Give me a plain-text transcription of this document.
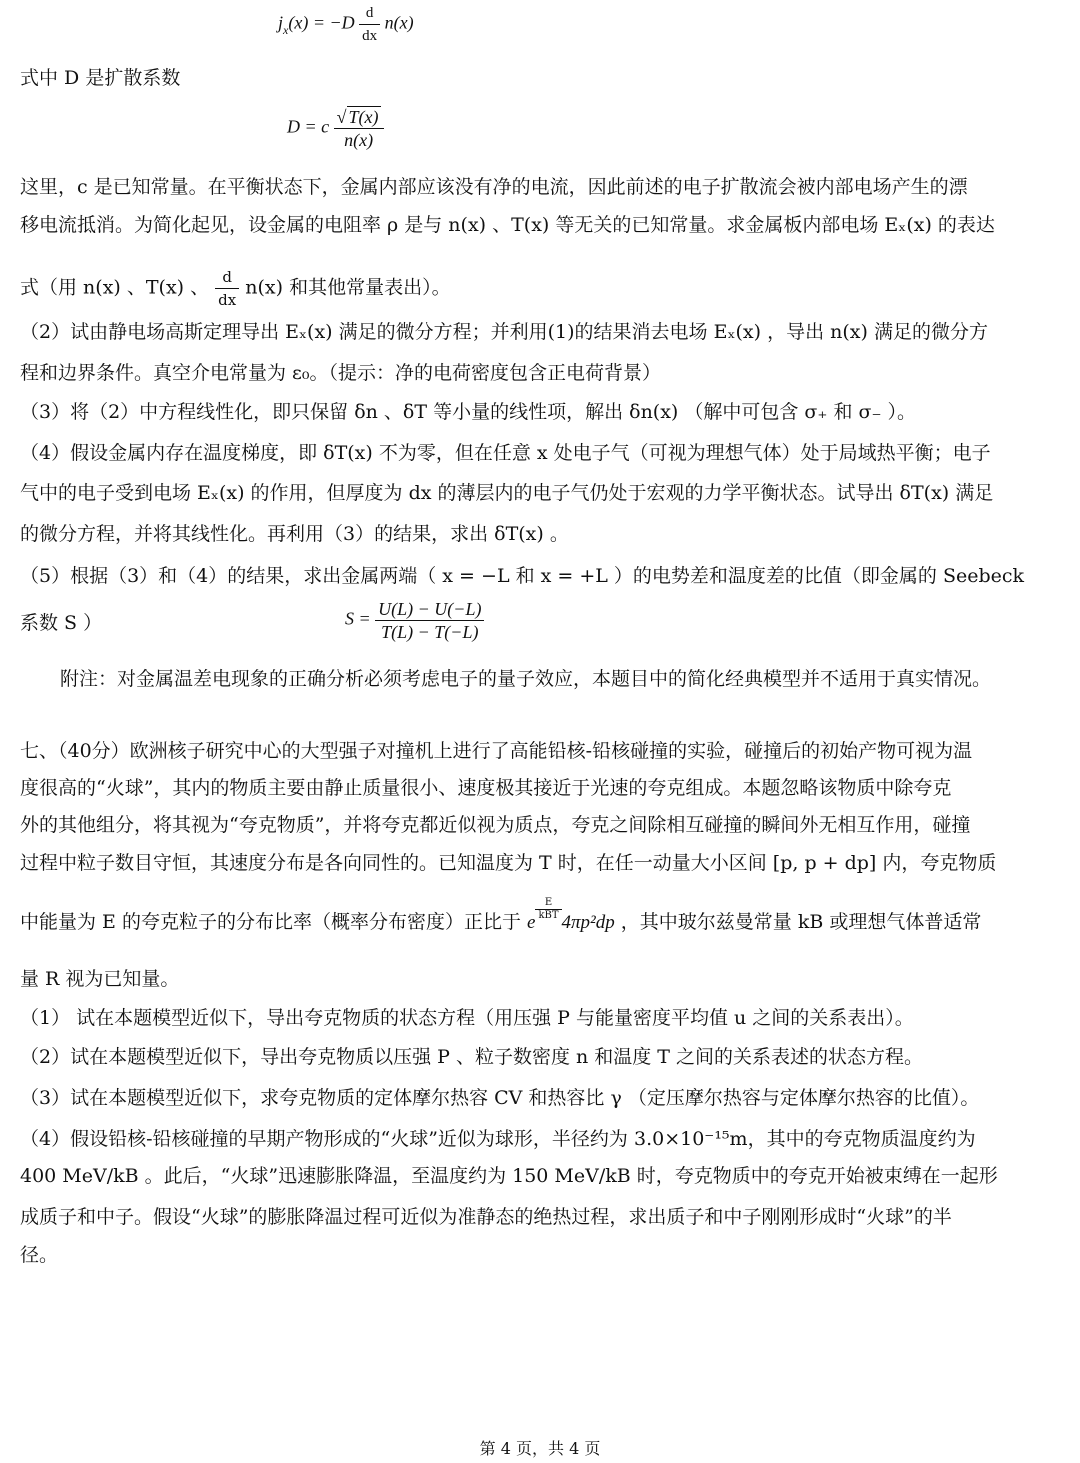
$j_x(x) = -D \frac{d}{dx} n(x)$
式中 D 是扩散系数
D = c $\frac{√ T(x)}{n(x)}$
这里，c 是已知常量。在平衡状态下，金属内部应该没有净的电流，因此前述的电子扩散流会被内部电场产生的漂
移电流抵消。为简化起见，设金属的电阻率 ρ 是与 n(x) 、T(x) 等无关的已知常量。求金属板内部电场 Eₓ(x) 的表达
式（用 n(x) 、T(x) 、 $\frac{d}{dx} n(x)$ 和其他常量表出）。
（2）试由静电场高斯定理导出 Eₓ(x) 满足的微分方程；并利用(1)的结果消去电场 Eₓ(x) ，导出 n(x) 满足的微分方
程和边界条件。真空介电常量为 ε₀。（提示：净的电荷密度包含正电荷背景）
（3）将（2）中方程线性化，即只保留 δn 、δT 等小量的线性项，解出 δn(x) （解中可包含 σ₊ 和 σ₋ ）。
（4）假设金属内存在温度梯度，即 δT(x) 不为零，但在任意 x 处电子气（可视为理想气体）处于局域热平衡；电子
气中的电子受到电场 Eₓ(x) 的作用，但厚度为 dx 的薄层内的电子气仍处于宏观的力学平衡状态。试导出 δT(x) 满足
的微分方程，并将其线性化。再利用（3）的结果，求出 δT(x) 。
（5）根据（3）和（4）的结果，求出金属两端（ x = −L 和 x = +L ）的电势差和温度差的比值（即金属的 Seebeck
系数 S ）	$S = \frac{U(L) - U(-L)}{T(L) - T(-L)}$
附注：对金属温差电现象的正确分析必须考虑电子的量子效应，本题目中的简化经典模型并不适用于真实情况。
七、（40分）欧洲核子研究中心的大型强子对撞机上进行了高能铅核-铅核碰撞的实验，碰撞后的初始产物可视为温
度很高的“火球”，其内的物质主要由静止质量很小、速度极其接近于光速的夸克组成。本题忽略该物质中除夸克
外的其他组分，将其视为“夸克物质”，并将夸克都近似视为质点，夸克之间除相互碰撞的瞬间外无相互作用，碰撞
过程中粒子数目守恒，其速度分布是各向同性的。已知温度为 T 时，在任一动量大小区间 [p, p + dp] 内，夸克物质
中能量为 E 的夸克粒子的分布比率（概率分布密度）正比于 e
$\frac{E}{\text{kBT}}$
4πp²dp ，其中玻尔兹曼常量 kB 或理想气体普适常
量 R 视为已知量。
（1） 试在本题模型近似下，导出夸克物质的状态方程（用压强 P 与能量密度平均值 u 之间的关系表出）。
（2）试在本题模型近似下，导出夸克物质以压强 P 、粒子数密度 n 和温度 T 之间的关系表述的状态方程。
（3）试在本题模型近似下，求夸克物质的定体摩尔热容 CV 和热容比 γ （定压摩尔热容与定体摩尔热容的比值）。
（4）假设铅核-铅核碰撞的早期产物形成的“火球”近似为球形，半径约为 3.0×10⁻¹⁵m，其中的夸克物质温度约为
400 MeV/kB 。此后，“火球”迅速膨胀降温，至温度约为 150 MeV/kB 时，夸克物质中的夸克开始被束缚在一起形
成质子和中子。假设“火球”的膨胀降温过程可近似为准静态的绝热过程，求出质子和中子刚刚形成时“火球”的半
径。
第 4 页，共 4 页
